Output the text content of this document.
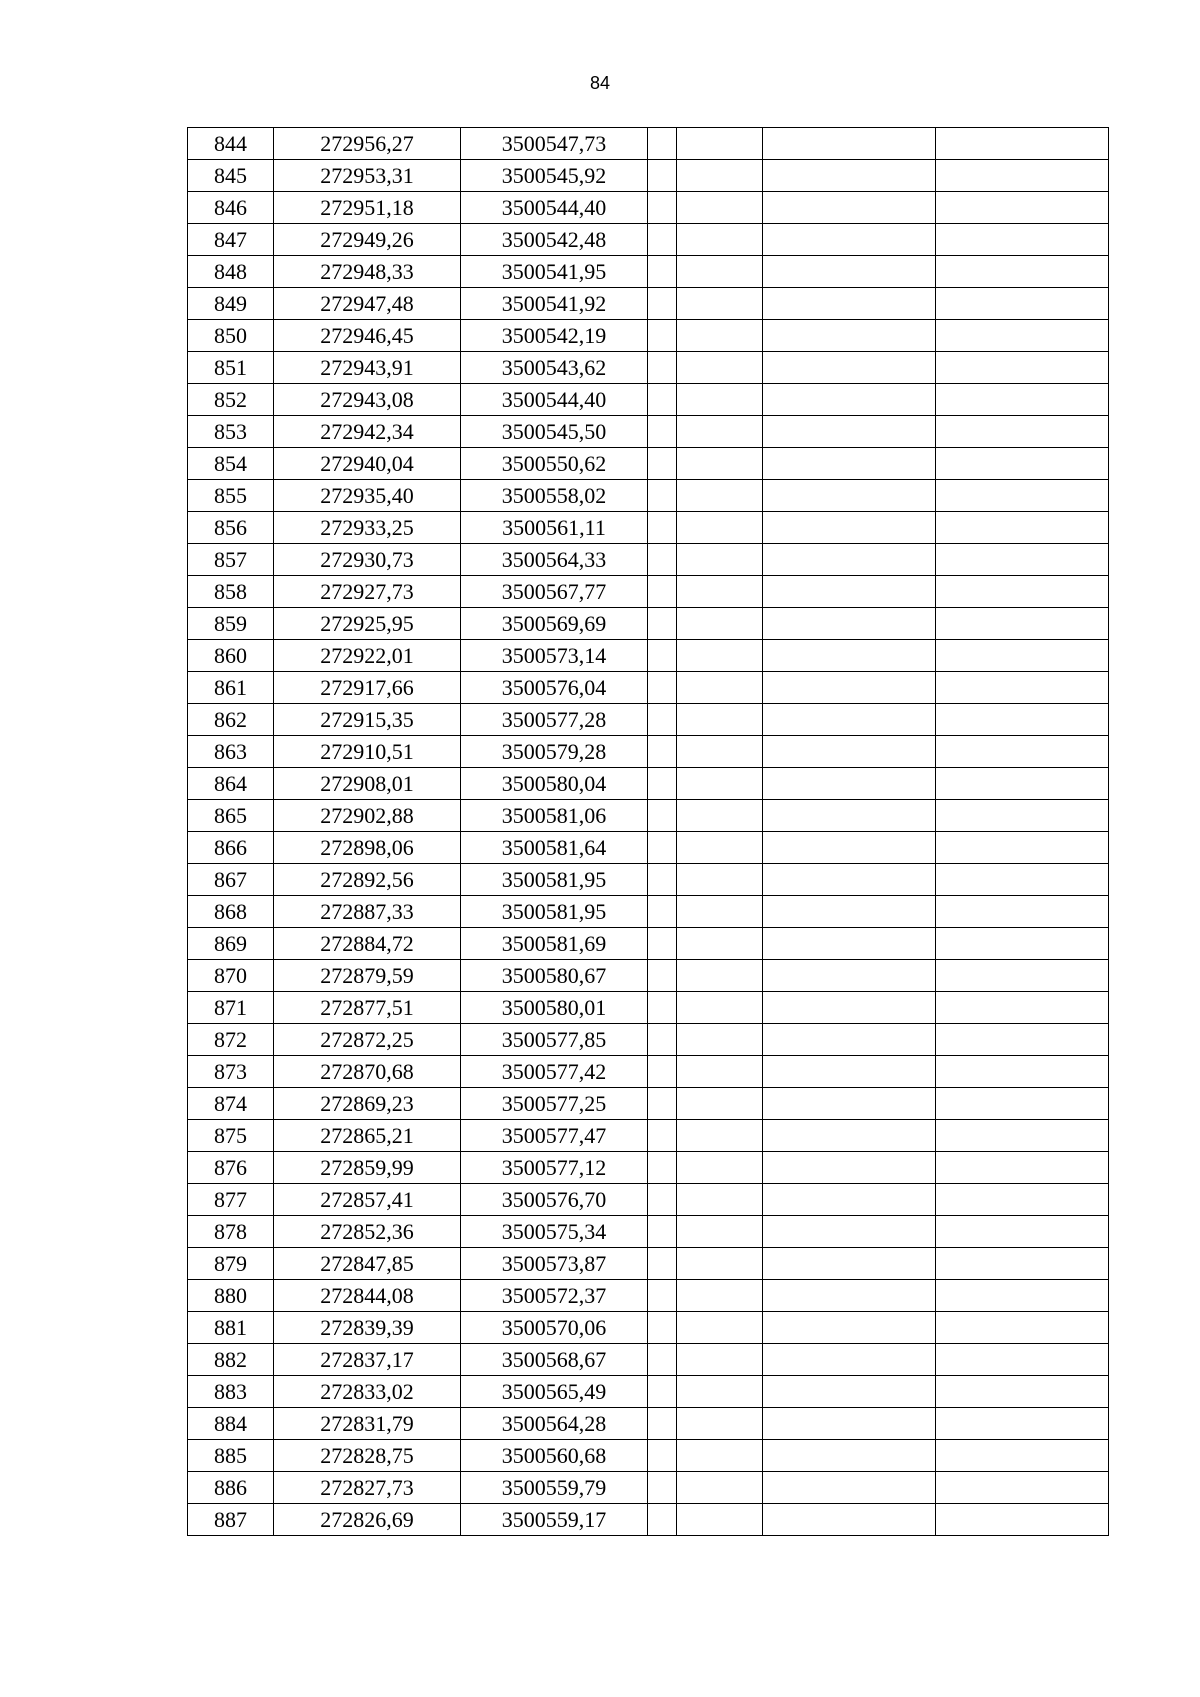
84
844	272956,27	3500547,73				
845	272953,31	3500545,92				
846	272951,18	3500544,40				
847	272949,26	3500542,48				
848	272948,33	3500541,95				
849	272947,48	3500541,92				
850	272946,45	3500542,19				
851	272943,91	3500543,62				
852	272943,08	3500544,40				
853	272942,34	3500545,50				
854	272940,04	3500550,62				
855	272935,40	3500558,02				
856	272933,25	3500561,11				
857	272930,73	3500564,33				
858	272927,73	3500567,77				
859	272925,95	3500569,69				
860	272922,01	3500573,14				
861	272917,66	3500576,04				
862	272915,35	3500577,28				
863	272910,51	3500579,28				
864	272908,01	3500580,04				
865	272902,88	3500581,06				
866	272898,06	3500581,64				
867	272892,56	3500581,95				
868	272887,33	3500581,95				
869	272884,72	3500581,69				
870	272879,59	3500580,67				
871	272877,51	3500580,01				
872	272872,25	3500577,85				
873	272870,68	3500577,42				
874	272869,23	3500577,25				
875	272865,21	3500577,47				
876	272859,99	3500577,12				
877	272857,41	3500576,70				
878	272852,36	3500575,34				
879	272847,85	3500573,87				
880	272844,08	3500572,37				
881	272839,39	3500570,06				
882	272837,17	3500568,67				
883	272833,02	3500565,49				
884	272831,79	3500564,28				
885	272828,75	3500560,68				
886	272827,73	3500559,79				
887	272826,69	3500559,17				
